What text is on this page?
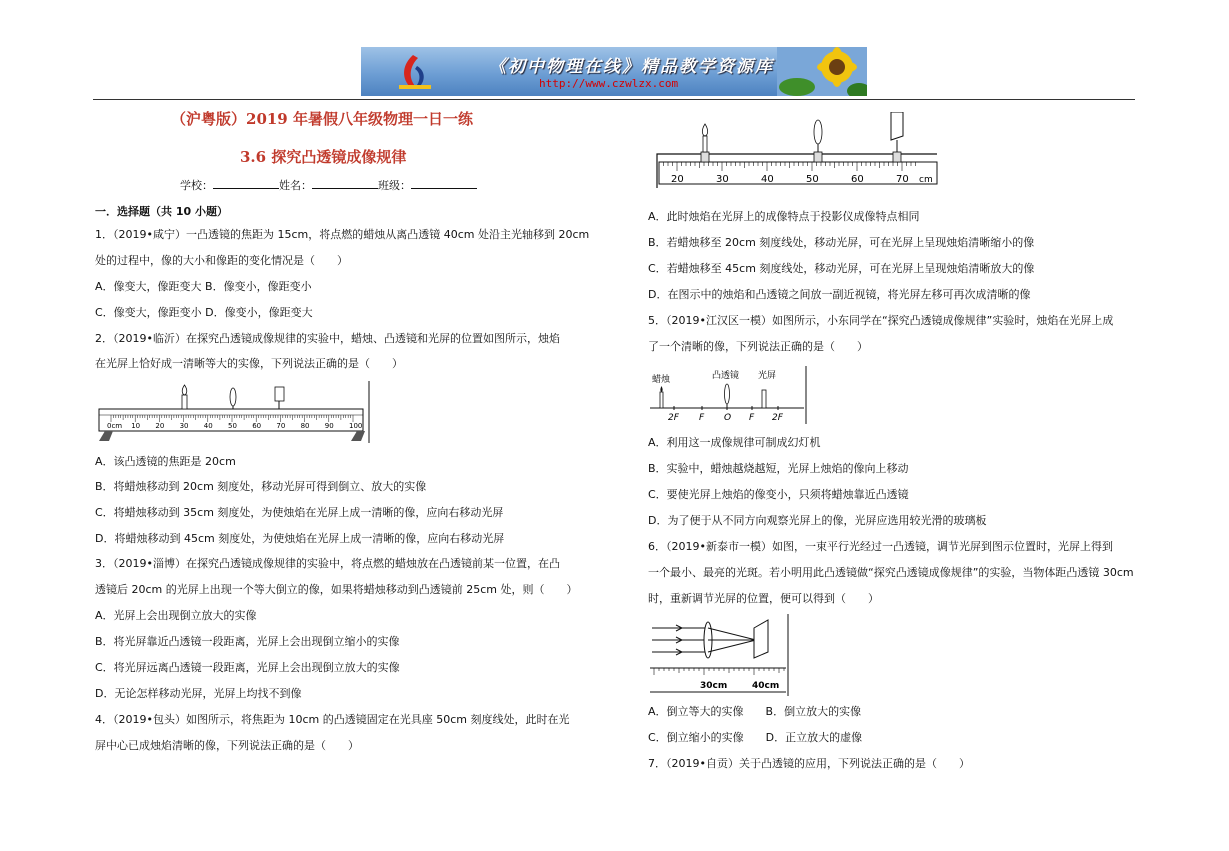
《初中物理在线》精品教学资源库
http://www.czwlzx.com
（沪粤版）2019 年暑假八年级物理一日一练
3.6 探究凸透镜成像规律
学校：	姓名：	班级：
一．选择题（共 10 小题）
1．（2019•咸宁）一凸透镜的焦距为 15cm，将点燃的蜡烛从离凸透镜 40cm 处沿主光轴移到 20cm
处的过程中，像的大小和像距的变化情况是（　　）
A．像变大，像距变大 B．像变小，像距变小
C．像变大，像距变小 D．像变小，像距变大
2．（2019•临沂）在探究凸透镜成像规律的实验中，蜡烛、凸透镜和光屏的位置如图所示，烛焰
在光屏上恰好成一清晰等大的实像，下列说法正确的是（　　）
0cm 10 20 30 40 50 60 70 80 90 100
A．该凸透镜的焦距是 20cm
B．将蜡烛移动到 20cm 刻度处，移动光屏可得到倒立、放大的实像
C．将蜡烛移动到 35cm 刻度处，为使烛焰在光屏上成一清晰的像，应向右移动光屏
D．将蜡烛移动到 45cm 刻度处，为使烛焰在光屏上成一清晰的像，应向右移动光屏
3．（2019•淄博）在探究凸透镜成像规律的实验中，将点燃的蜡烛放在凸透镜前某一位置，在凸
透镜后 20cm 的光屏上出现一个等大倒立的像，如果将蜡烛移动到凸透镜前 25cm 处，则（　　）
A．光屏上会出现倒立放大的实像
B．将光屏靠近凸透镜一段距离，光屏上会出现倒立缩小的实像
C．将光屏远离凸透镜一段距离，光屏上会出现倒立放大的实像
D．无论怎样移动光屏，光屏上均找不到像
4．（2019•包头）如图所示，将焦距为 10cm 的凸透镜固定在光具座 50cm 刻度线处，此时在光
屏中心已成烛焰清晰的像，下列说法正确的是（　　）
20	30	40	50	60	70 cm
A．此时烛焰在光屏上的成像特点于投影仪成像特点相同
B．若蜡烛移至 20cm 刻度线处，移动光屏，可在光屏上呈现烛焰清晰缩小的像
C．若蜡烛移至 45cm 刻度线处，移动光屏，可在光屏上呈现烛焰清晰放大的像
D．在图示中的烛焰和凸透镜之间放一副近视镜，将光屏左移可再次成清晰的像
5．（2019•江汉区一模）如图所示，小东同学在“探究凸透镜成像规律”实验时，烛焰在光屏上成
了一个清晰的像，下列说法正确的是（　　）
蜡烛	凸透镜 光屏
2F F O F 2F
A．利用这一成像规律可制成幻灯机
B．实验中，蜡烛越烧越短，光屏上烛焰的像向上移动
C．要使光屏上烛焰的像变小，只须将蜡烛靠近凸透镜
D．为了便于从不同方向观察光屏上的像，光屏应选用较光滑的玻璃板
6．（2019•新泰市一模）如图，一束平行光经过一凸透镜，调节光屏到图示位置时，光屏上得到
一个最小、最亮的光斑。若小明用此凸透镜做“探究凸透镜成像规律”的实验，当物体距凸透镜 30cm
时，重新调节光屏的位置，便可以得到（　　）
30cm	40cm
A．倒立等大的实像　　B．倒立放大的实像
C．倒立缩小的实像　　D．正立放大的虚像
7．（2019•自贡）关于凸透镜的应用，下列说法正确的是（　　）
